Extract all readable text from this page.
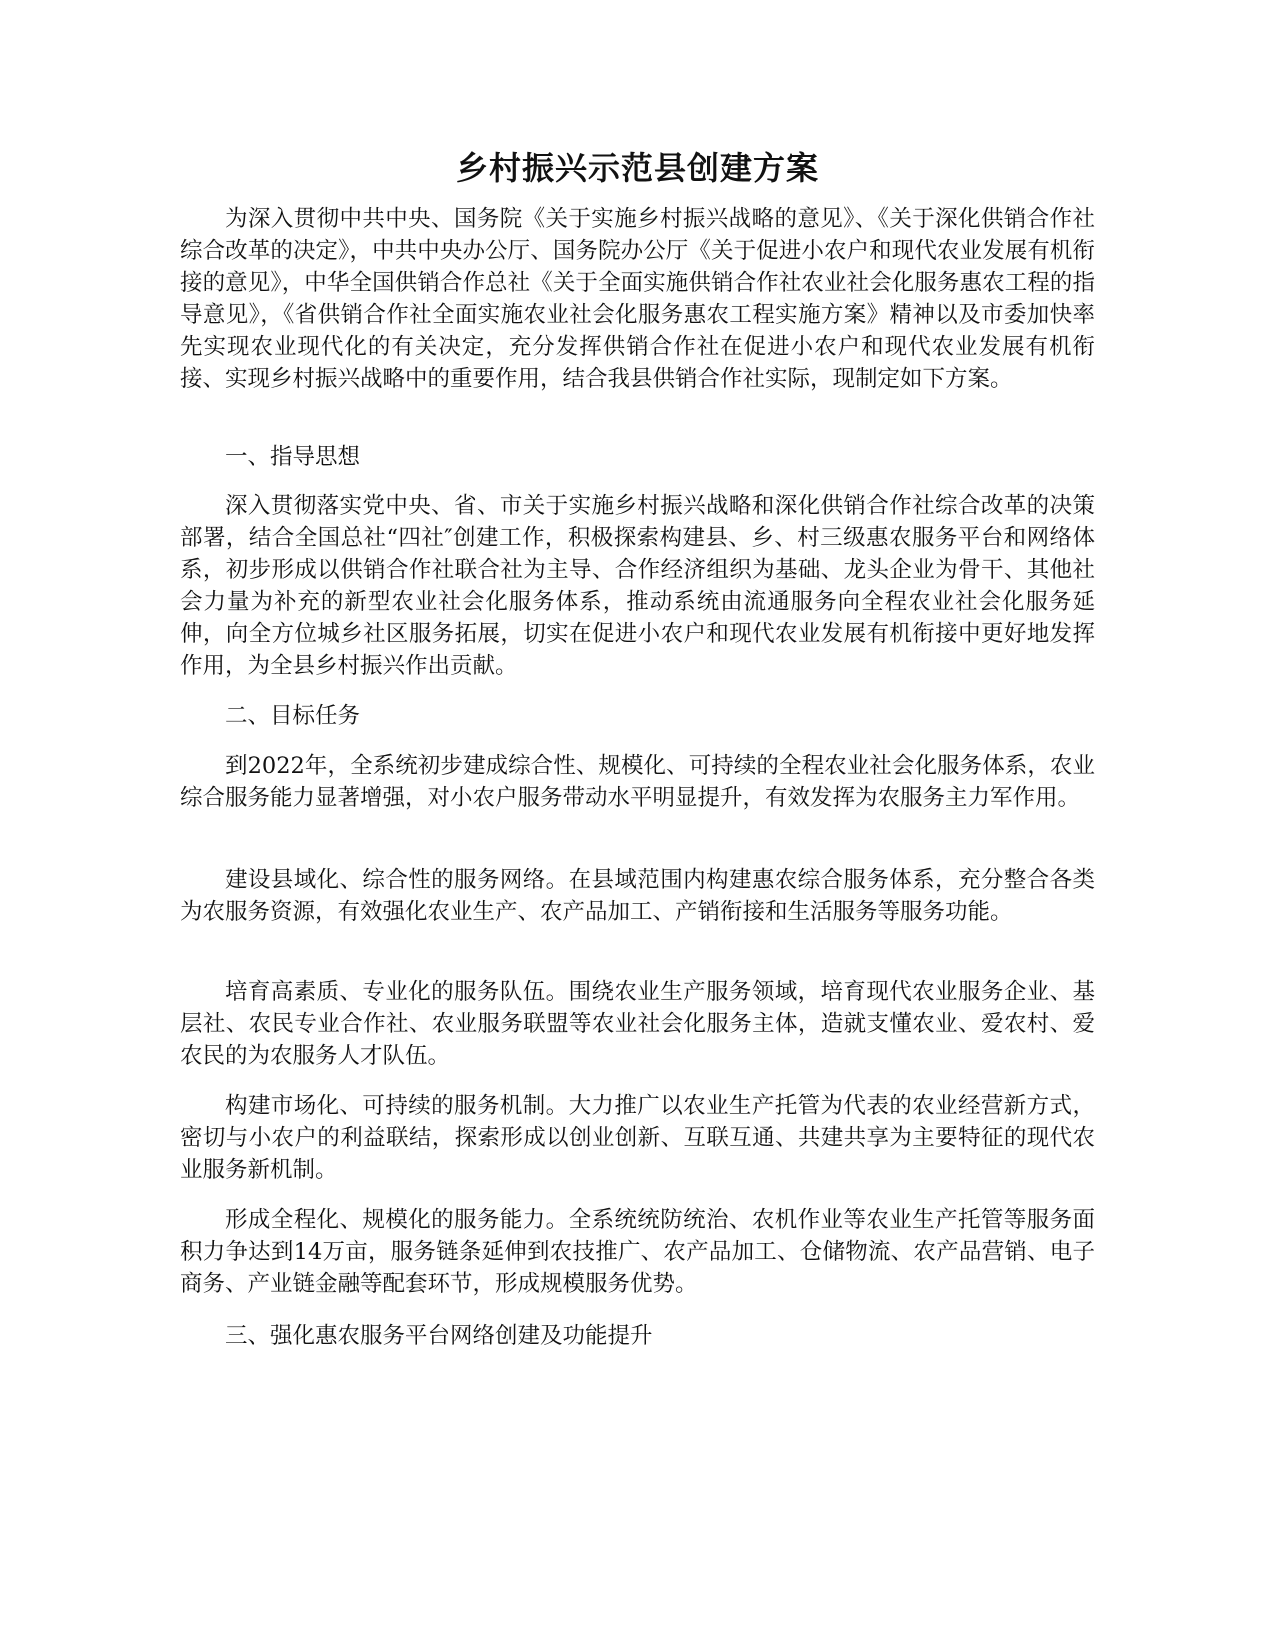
乡村振兴示范县创建方案

为深入贯彻中共中央、国务院《关于实施乡村振兴战略的意见》、《关于深化供销合作社综合改革的决定》，中共中央办公厅、国务院办公厅《关于促进小农户和现代农业发展有机衔接的意见》，中华全国供销合作总社《关于全面实施供销合作社农业社会化服务惠农工程的指导意见》，《省供销合作社全面实施农业社会化服务惠农工程实施方案》精神以及市委加快率先实现农业现代化的有关决定，充分发挥供销合作社在促进小农户和现代农业发展有机衔接、实现乡村振兴战略中的重要作用，结合我县供销合作社实际，现制定如下方案。

一、指导思想

深入贯彻落实党中央、省、市关于实施乡村振兴战略和深化供销合作社综合改革的决策部署，结合全国总社“四社″创建工作，积极探索构建县、乡、村三级惠农服务平台和网络体系，初步形成以供销合作社联合社为主导、合作经济组织为基础、龙头企业为骨干、其他社会力量为补充的新型农业社会化服务体系，推动系统由流通服务向全程农业社会化服务延伸，向全方位城乡社区服务拓展，切实在促进小农户和现代农业发展有机衔接中更好地发挥作用，为全县乡村振兴作出贡献。

二、目标任务

到2022年，全系统初步建成综合性、规模化、可持续的全程农业社会化服务体系，农业综合服务能力显著增强，对小农户服务带动水平明显提升，有效发挥为农服务主力军作用。

建设县域化、综合性的服务网络。在县域范围内构建惠农综合服务体系，充分整合各类为农服务资源，有效强化农业生产、农产品加工、产销衔接和生活服务等服务功能。

培育高素质、专业化的服务队伍。围绕农业生产服务领域，培育现代农业服务企业、基层社、农民专业合作社、农业服务联盟等农业社会化服务主体，造就支懂农业、爱农村、爱农民的为农服务人才队伍。

构建市场化、可持续的服务机制。大力推广以农业生产托管为代表的农业经营新方式，密切与小农户的利益联结，探索形成以创业创新、互联互通、共建共享为主要特征的现代农业服务新机制。

形成全程化、规模化的服务能力。全系统统防统治、农机作业等农业生产托管等服务面积力争达到14万亩，服务链条延伸到农技推广、农产品加工、仓储物流、农产品营销、电子商务、产业链金融等配套环节，形成规模服务优势。

三、强化惠农服务平台网络创建及功能提升
